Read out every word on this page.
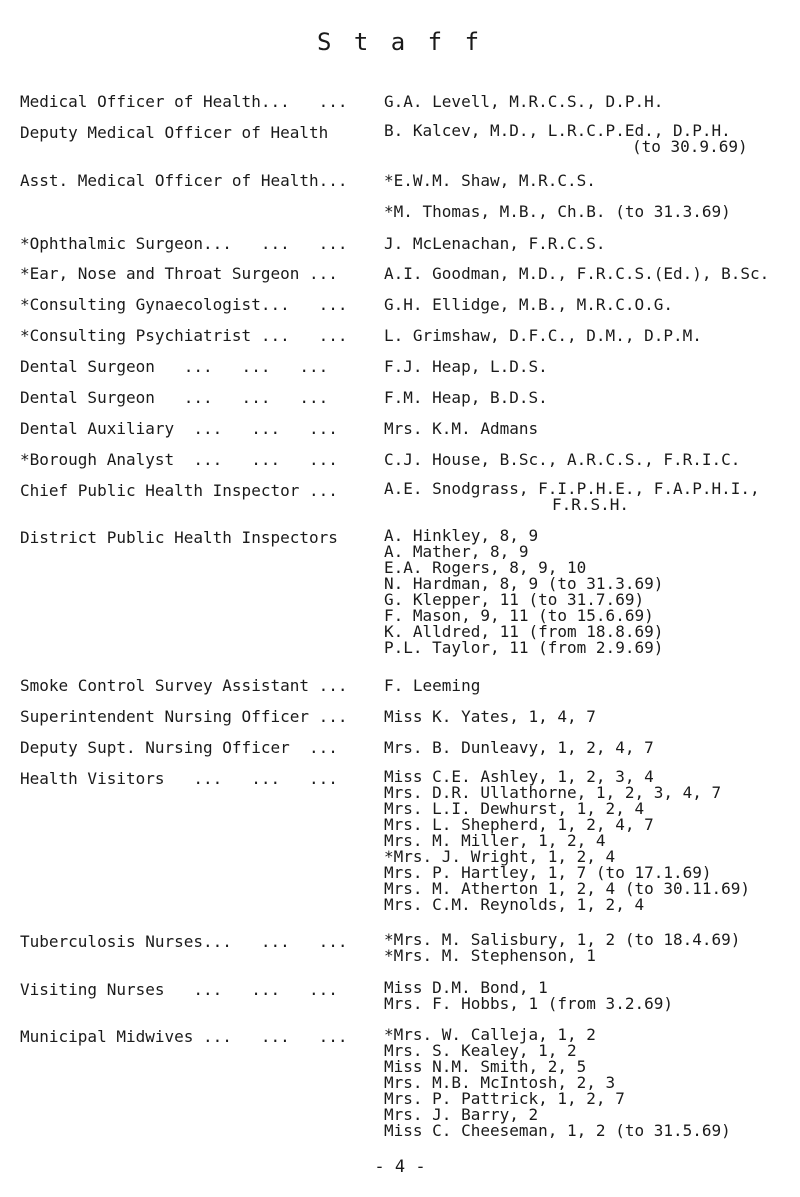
S t a f f
Medical Officer of Health...   ...	G.A. Levell, M.R.C.S., D.P.H.
Deputy Medical Officer of Health	B. Kalcev, M.D., L.R.C.P.Ed., D.P.H.
(to 30.9.69)
Asst. Medical Officer of Health...	*E.W.M. Shaw, M.R.C.S.
*M. Thomas, M.B., Ch.B. (to 31.3.69)
*Ophthalmic Surgeon...   ...   ...	J. McLenachan, F.R.C.S.
*Ear, Nose and Throat Surgeon ...	A.I. Goodman, M.D., F.R.C.S.(Ed.), B.Sc.
*Consulting Gynaecologist...   ...	G.H. Ellidge, M.B., M.R.C.O.G.
*Consulting Psychiatrist ...   ...	L. Grimshaw, D.F.C., D.M., D.P.M.
Dental Surgeon   ...   ...   ...	F.J. Heap, L.D.S.
Dental Surgeon   ...   ...   ...	F.M. Heap, B.D.S.
Dental Auxiliary  ...   ...   ...	Mrs. K.M. Admans
*Borough Analyst  ...   ...   ...	C.J. House, B.Sc., A.R.C.S., F.R.I.C.
Chief Public Health Inspector ...	A.E. Snodgrass, F.I.P.H.E., F.A.P.H.I.,
F.R.S.H.
District Public Health Inspectors	A. Hinkley, 8, 9
A. Mather, 8, 9
E.A. Rogers, 8, 9, 10
N. Hardman, 8, 9 (to 31.3.69)
G. Klepper, 11 (to 31.7.69)
F. Mason, 9, 11 (to 15.6.69)
K. Alldred, 11 (from 18.8.69)
P.L. Taylor, 11 (from 2.9.69)
Smoke Control Survey Assistant ...	F. Leeming
Superintendent Nursing Officer ...	Miss K. Yates, 1, 4, 7
Deputy Supt. Nursing Officer  ...	Mrs. B. Dunleavy, 1, 2, 4, 7
Health Visitors   ...   ...   ...	Miss C.E. Ashley, 1, 2, 3, 4
Mrs. D.R. Ullathorne, 1, 2, 3, 4, 7
Mrs. L.I. Dewhurst, 1, 2, 4
Mrs. L. Shepherd, 1, 2, 4, 7
Mrs. M. Miller, 1, 2, 4
*Mrs. J. Wright, 1, 2, 4
Mrs. P. Hartley, 1, 7 (to 17.1.69)
Mrs. M. Atherton 1, 2, 4 (to 30.11.69)
Mrs. C.M. Reynolds, 1, 2, 4
Tuberculosis Nurses...   ...   ...	*Mrs. M. Salisbury, 1, 2 (to 18.4.69)
*Mrs. M. Stephenson, 1
Visiting Nurses   ...   ...   ...	Miss D.M. Bond, 1
Mrs. F. Hobbs, 1 (from 3.2.69)
Municipal Midwives ...   ...   ...	*Mrs. W. Calleja, 1, 2
Mrs. S. Kealey, 1, 2
Miss N.M. Smith, 2, 5
Mrs. M.B. McIntosh, 2, 3
Mrs. P. Pattrick, 1, 2, 7
Mrs. J. Barry, 2
Miss C. Cheeseman, 1, 2 (to 31.5.69)
- 4 -
